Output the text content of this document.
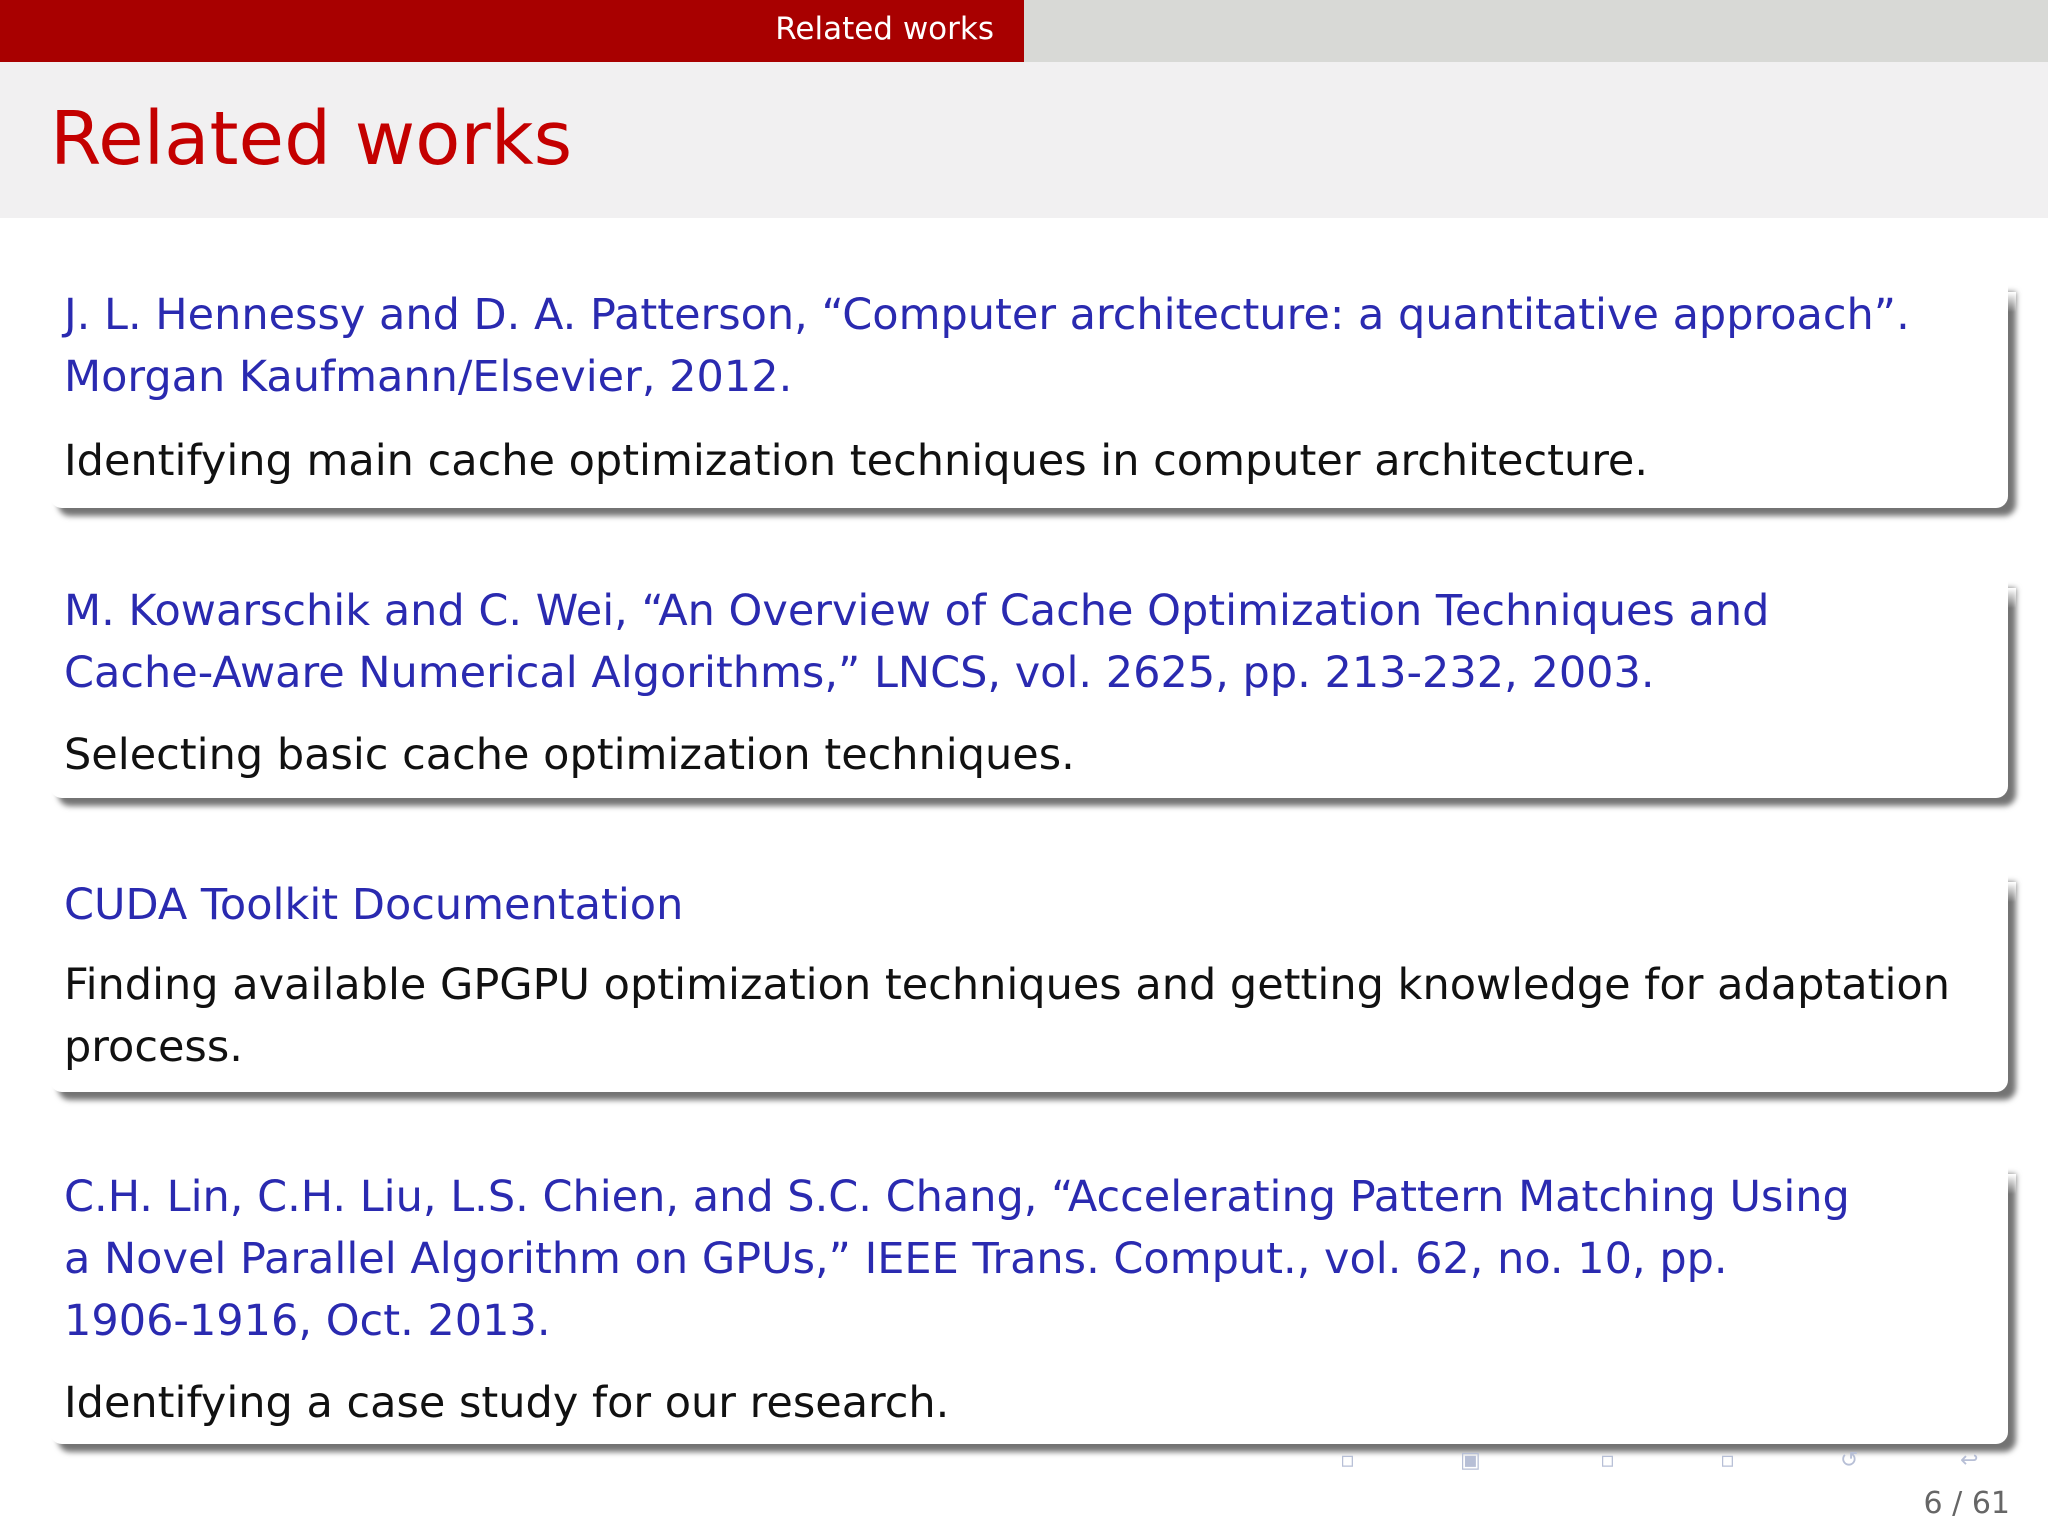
Related works
Related works

J. L. Hennessy and D. A. Patterson, “Computer architecture: a quantitative approach”.

Morgan Kaufmann/Elsevier, 2012.

Identifying main cache optimization techniques in computer architecture.

M. Kowarschik and C. Wei, “An Overview of Cache Optimization Techniques and

Cache-Aware Numerical Algorithms,” LNCS, vol. 2625, pp. 213-232, 2003.

Selecting basic cache optimization techniques.

CUDA Toolkit Documentation

Finding available GPGPU optimization techniques and getting knowledge for adaptation

process.

C.H. Lin, C.H. Liu, L.S. Chien, and S.C. Chang, “Accelerating Pattern Matching Using

a Novel Parallel Algorithm on GPUs,” IEEE Trans. Comput., vol. 62, no. 10, pp.

1906-1916, Oct. 2013.

Identifying a case study for our research.

▫	▣	▫	▫	↺	↩
6 / 61
